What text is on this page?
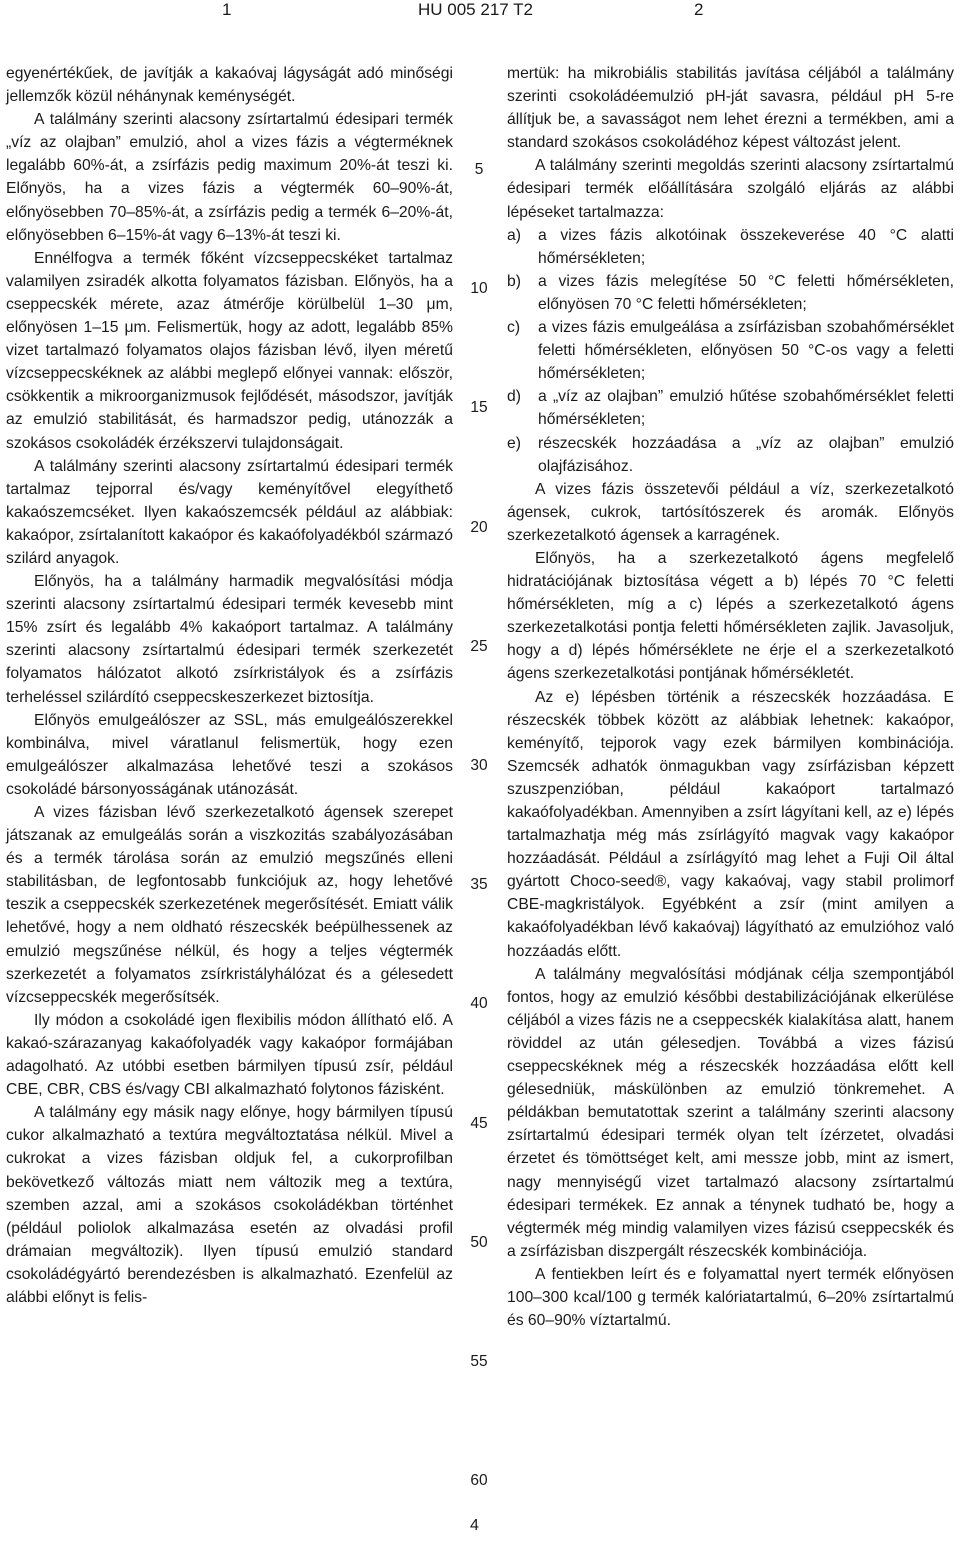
1	HU 005 217 T2	2

egyenértékűek, de javítják a kakaóvaj lágyságát adó minőségi jellemzők közül néhánynak keménységét.

A találmány szerinti alacsony zsírtartalmú édesipari termék „víz az olajban” emulzió, ahol a vizes fázis a végterméknek legalább 60%-át, a zsírfázis pedig maximum 20%-át teszi ki. Előnyös, ha a vizes fázis a végtermék 60–90%-át, előnyösebben 70–85%-át, a zsírfázis pedig a termék 6–20%-át, előnyösebben 6–15%-át vagy 6–13%-át teszi ki.

Ennélfogva a termék főként vízcseppecskéket tartalmaz valamilyen zsiradék alkotta folyamatos fázisban. Előnyös, ha a cseppecskék mérete, azaz átmérője körülbelül 1–30 μm, előnyösen 1–15 μm. Felismertük, hogy az adott, legalább 85% vizet tartalmazó folyamatos olajos fázisban lévő, ilyen méretű vízcseppecskéknek az alábbi meglepő előnyei vannak: először, csökkentik a mikroorganizmusok fejlődését, másodszor, javítják az emulzió stabilitását, és harmadszor pedig, utánozzák a szokásos csokoládék érzékszervi tulajdonságait.

A találmány szerinti alacsony zsírtartalmú édesipari termék tartalmaz tejporral és/vagy keményítővel elegyíthető kakaószemcséket. Ilyen kakaószemcsék például az alábbiak: kakaópor, zsírtalanított kakaópor és kakaófolyadékból származó szilárd anyagok.

Előnyös, ha a találmány harmadik megvalósítási módja szerinti alacsony zsírtartalmú édesipari termék kevesebb mint 15% zsírt és legalább 4% kakaóport tartalmaz. A találmány szerinti alacsony zsírtartalmú édesipari termék szerkezetét folyamatos hálózatot alkotó zsírkristályok és a zsírfázis terheléssel szilárdító cseppecskeszerkezet biztosítja.

Előnyös emulgeálószer az SSL, más emulgeálószerekkel kombinálva, mivel váratlanul felismertük, hogy ezen emulgeálószer alkalmazása lehetővé teszi a szokásos csokoládé bársonyosságának utánozását.

A vizes fázisban lévő szerkezetalkotó ágensek szerepet játszanak az emulgeálás során a viszkozitás szabályozásában és a termék tárolása során az emulzió megszűnés elleni stabilitásban, de legfontosabb funkciójuk az, hogy lehetővé teszik a cseppecskék szerkezetének megerősítését. Emiatt válik lehetővé, hogy a nem oldható részecskék beépülhessenek az emulzió megszűnése nélkül, és hogy a teljes végtermék szerkezetét a folyamatos zsírkristályhálózat és a gélesedett vízcseppecskék megerősítsék.

Ily módon a csokoládé igen flexibilis módon állítható elő. A kakaó-szárazanyag kakaófolyadék vagy kakaópor formájában adagolható. Az utóbbi esetben bármilyen típusú zsír, például CBE, CBR, CBS és/vagy CBI alkalmazható folytonos fázisként.

A találmány egy másik nagy előnye, hogy bármilyen típusú cukor alkalmazható a textúra megváltoztatása nélkül. Mivel a cukrokat a vizes fázisban oldjuk fel, a cukorprofilban bekövetkező változás miatt nem változik meg a textúra, szemben azzal, ami a szokásos csokoládékban történhet (például poliolok alkalmazása esetén az olvadási profil drámaian megváltozik). Ilyen típusú emulzió standard csokoládégyártó berendezésben is alkalmazható. Ezenfelül az alábbi előnyt is felis-

5
10
15
20
25
30
35
40
45
50
55
60

mertük: ha mikrobiális stabilitás javítása céljából a találmány szerinti csokoládéemulzió pH-ját savasra, például pH 5-re állítjuk be, a savasságot nem lehet érezni a termékben, ami a standard szokásos csokoládéhoz képest változást jelent.

A találmány szerinti megoldás szerinti alacsony zsírtartalmú édesipari termék előállítására szolgáló eljárás az alábbi lépéseket tartalmazza:

a) a vizes fázis alkotóinak összekeverése 40 °C alatti hőmérsékleten;

b) a vizes fázis melegítése 50 °C feletti hőmérsékleten, előnyösen 70 °C feletti hőmérsékleten;

c) a vizes fázis emulgeálása a zsírfázisban szobahőmérséklet feletti hőmérsékleten, előnyösen 50 °C-os vagy a feletti hőmérsékleten;

d) a „víz az olajban” emulzió hűtése szobahőmérséklet feletti hőmérsékleten;

e) részecskék hozzáadása a „víz az olajban” emulzió olajfázisához.

A vizes fázis összetevői például a víz, szerkezetalkotó ágensek, cukrok, tartósítószerek és aromák. Előnyös szerkezetalkotó ágensek a karragének.

Előnyös, ha a szerkezetalkotó ágens megfelelő hidratációjának biztosítása végett a b) lépés 70 °C feletti hőmérsékleten, míg a c) lépés a szerkezetalkotó ágens szerkezetalkotási pontja feletti hőmérsékleten zajlik. Javasoljuk, hogy a d) lépés hőmérséklete ne érje el a szerkezetalkotó ágens szerkezetalkotási pontjának hőmérsékletét.

Az e) lépésben történik a részecskék hozzáadása. E részecskék többek között az alábbiak lehetnek: kakaópor, keményítő, tejporok vagy ezek bármilyen kombinációja. Szemcsék adhatók önmagukban vagy zsírfázisban képzett szuszpenzióban, például kakaóport tartalmazó kakaófolyadékban. Amennyiben a zsírt lágyítani kell, az e) lépés tartalmazhatja még más zsírlágyító magvak vagy kakaópor hozzáadását. Például a zsírlágyító mag lehet a Fuji Oil által gyártott Choco-seed®, vagy kakaóvaj, vagy stabil prolimorf CBE-magkristályok. Egyébként a zsír (mint amilyen a kakaófolyadékban lévő kakaóvaj) lágyítható az emulzióhoz való hozzáadás előtt.

A találmány megvalósítási módjának célja szempontjából fontos, hogy az emulzió későbbi destabilizációjának elkerülése céljából a vizes fázis ne a cseppecskék kialakítása alatt, hanem röviddel az után gélesedjen. Továbbá a vizes fázisú cseppecskéknek még a részecskék hozzáadása előtt kell gélesedniük, máskülönben az emulzió tönkremehet. A példákban bemutatottak szerint a találmány szerinti alacsony zsírtartalmú édesipari termék olyan telt ízérzetet, olvadási érzetet és tömöttséget kelt, ami messze jobb, mint az ismert, nagy mennyiségű vizet tartalmazó alacsony zsírtartalmú édesipari termékek. Ez annak a ténynek tudható be, hogy a végtermék még mindig valamilyen vizes fázisú cseppecskék és a zsírfázisban diszpergált részecskék kombinációja.

A fentiekben leírt és e folyamattal nyert termék előnyösen 100–300 kcal/100 g termék kalóriatartalmú, 6–20% zsírtartalmú és 60–90% víztartalmú.

4
